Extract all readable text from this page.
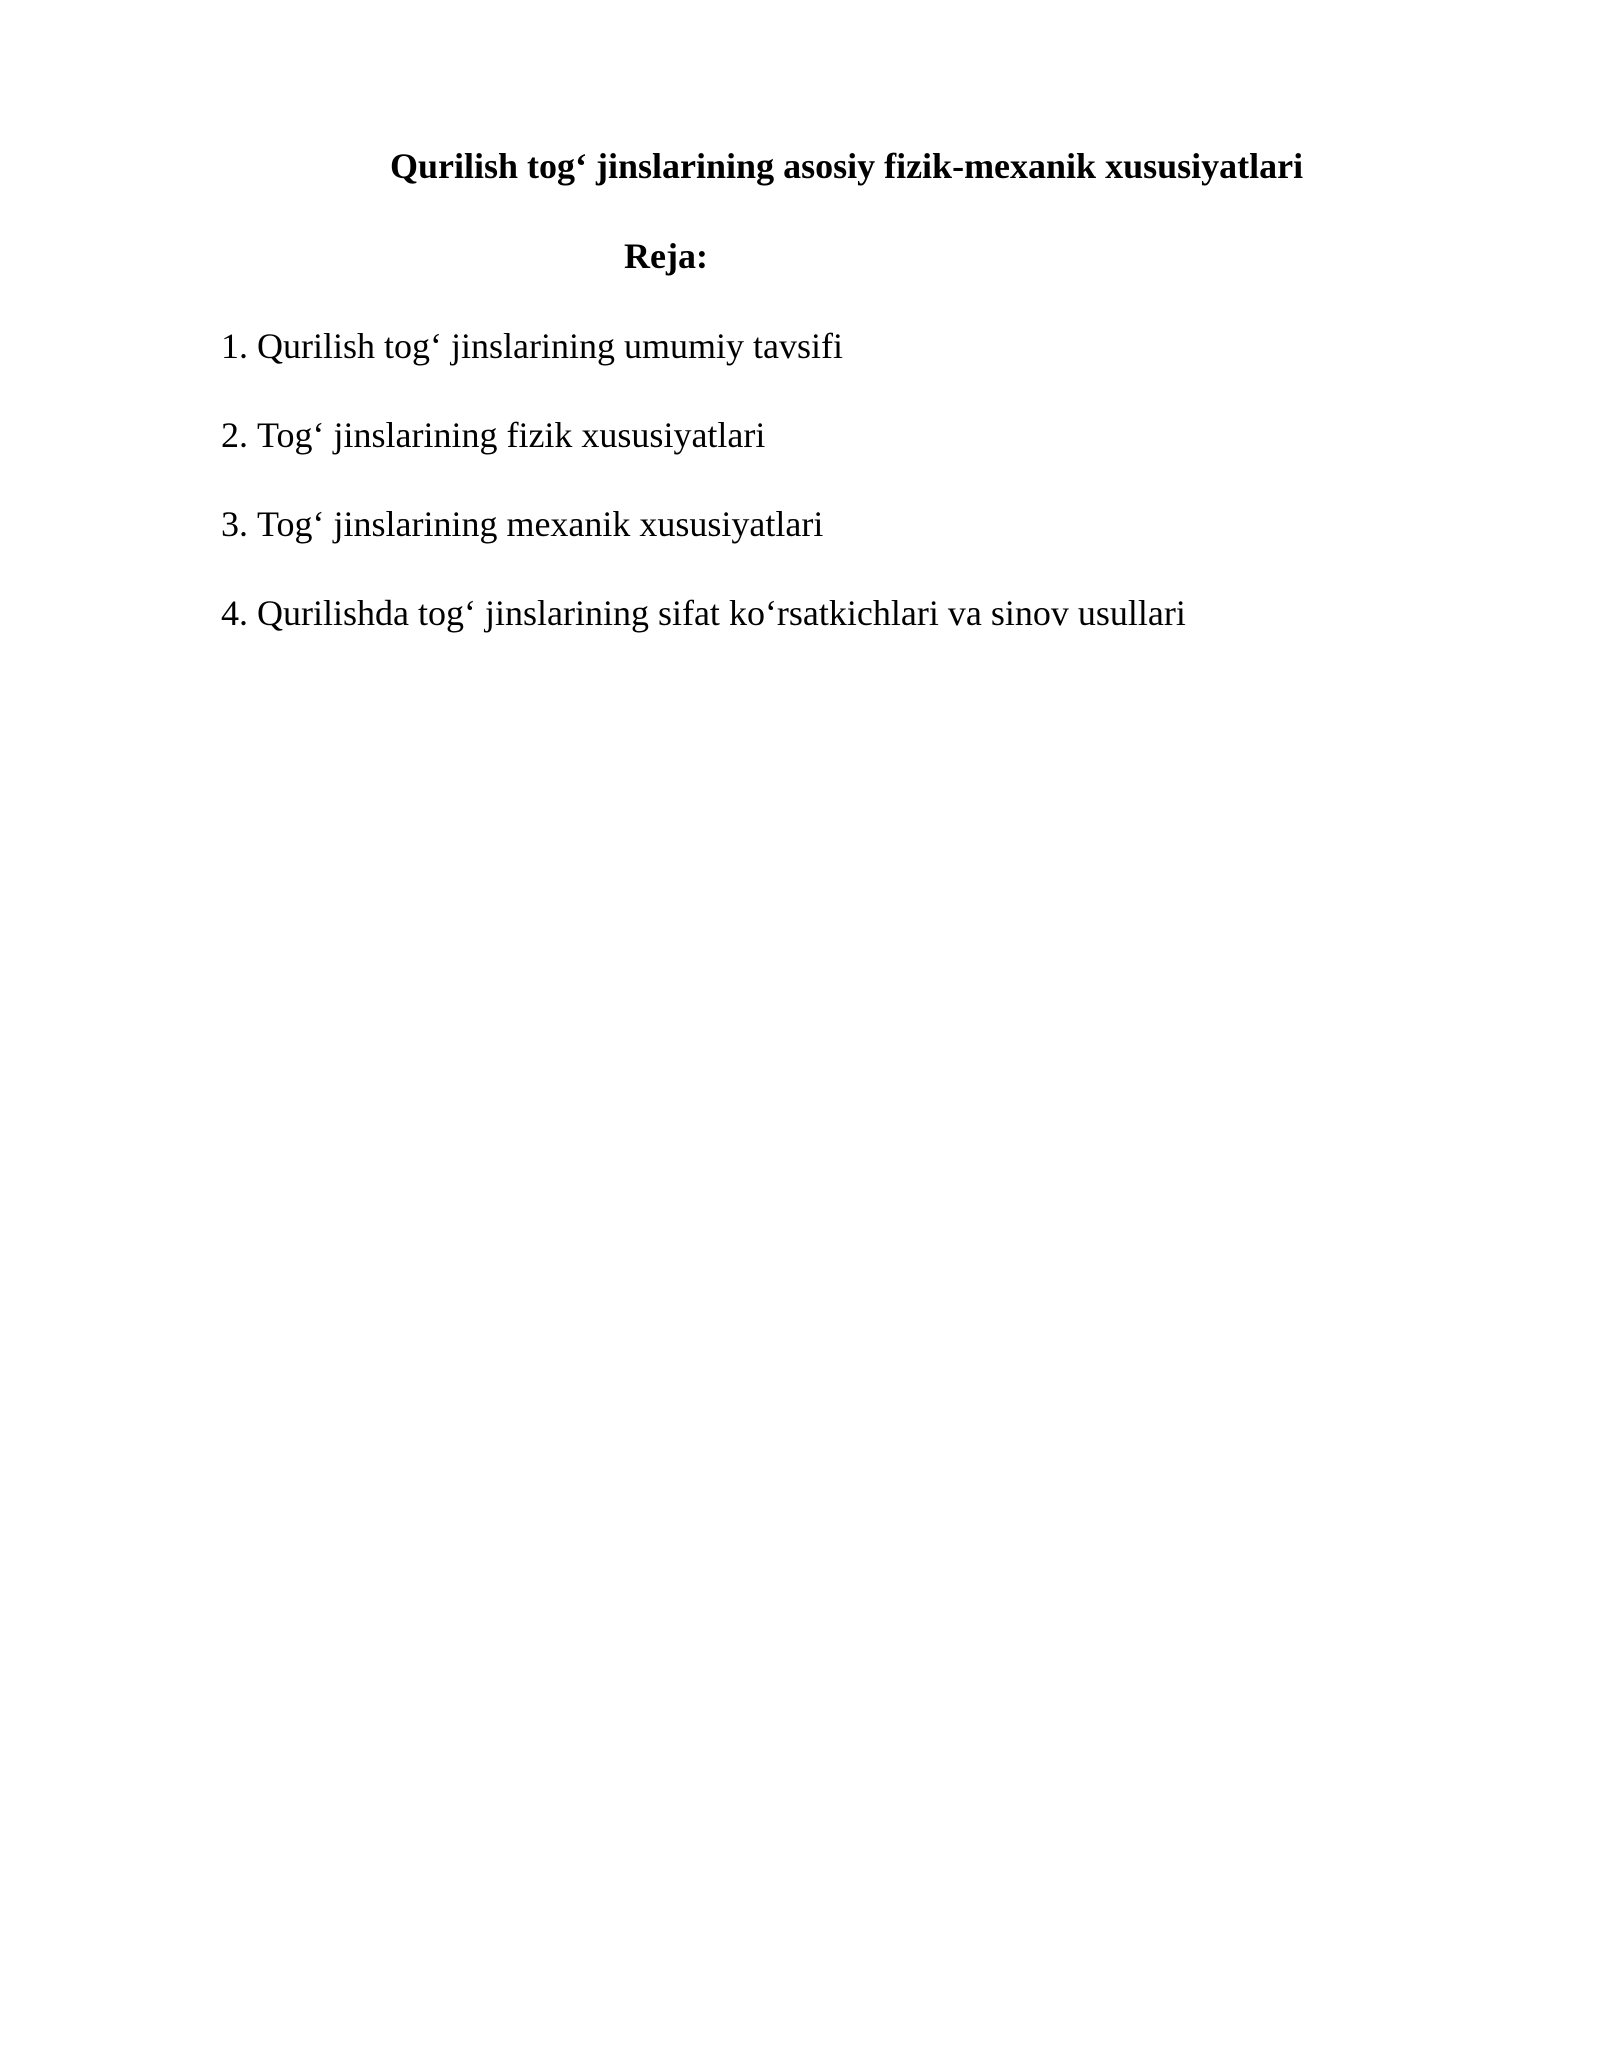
Qurilish tog‘ jinslarining asosiy fizik-mexanik xususiyatlari
Reja:
1. Qurilish tog‘ jinslarining umumiy tavsifi
2. Tog‘ jinslarining fizik xususiyatlari
3. Tog‘ jinslarining mexanik xususiyatlari
4. Qurilishda tog‘ jinslarining sifat ko‘rsatkichlari va sinov usullari
